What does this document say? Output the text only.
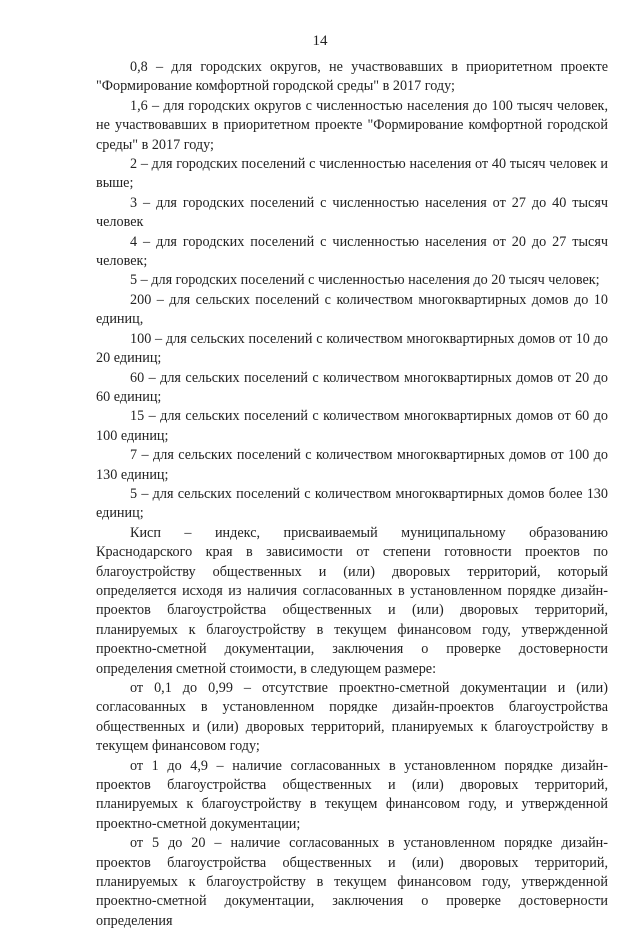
14

0,8 – для городских округов, не участвовавших в приоритетном проекте "Формирование комфортной городской среды" в 2017 году;

1,6 – для городских округов с численностью населения до 100 тысяч человек, не участвовавших в приоритетном проекте "Формирование комфортной городской среды" в 2017 году;

2 – для городских поселений с численностью населения от 40 тысяч человек и выше;

3 – для городских поселений с численностью населения от 27 до 40 тысяч человек

4 – для городских поселений с численностью населения от 20 до 27 тысяч человек;

5 – для городских поселений с численностью населения до 20 тысяч человек;

200 – для сельских поселений с количеством многоквартирных домов до 10 единиц,

100 – для сельских поселений с количеством многоквартирных домов от 10 до 20 единиц;

60 – для сельских поселений с количеством многоквартирных домов от 20 до 60 единиц;

15 – для сельских поселений с количеством многоквартирных домов от 60 до 100 единиц;

7 – для сельских поселений с количеством многоквартирных домов от 100 до 130 единиц;

5 – для сельских поселений с количеством многоквартирных домов более 130 единиц;

Кисп – индекс, присваиваемый муниципальному образованию Краснодарского края в зависимости от степени готовности проектов по благоустройству общественных и (или) дворовых территорий, который определяется исходя из наличия согласованных в установленном порядке дизайн-проектов благоустройства общественных и (или) дворовых территорий, планируемых к благоустройству в текущем финансовом году, утвержденной проектно-сметной документации, заключения о проверке достоверности определения сметной стоимости, в следующем размере:

от 0,1 до 0,99 – отсутствие проектно-сметной документации и (или) согласованных в установленном порядке дизайн-проектов благоустройства общественных и (или) дворовых территорий, планируемых к благоустройству в текущем финансовом году;

от 1 до 4,9 – наличие согласованных в установленном порядке дизайн-проектов благоустройства общественных и (или) дворовых территорий, планируемых к благоустройству в текущем финансовом году, и утвержденной проектно-сметной документации;

от 5 до 20 – наличие согласованных в установленном порядке дизайн-проектов благоустройства общественных и (или) дворовых территорий, планируемых к благоустройству в текущем финансовом году, утвержденной проектно-сметной документации, заключения о проверке достоверности определения
